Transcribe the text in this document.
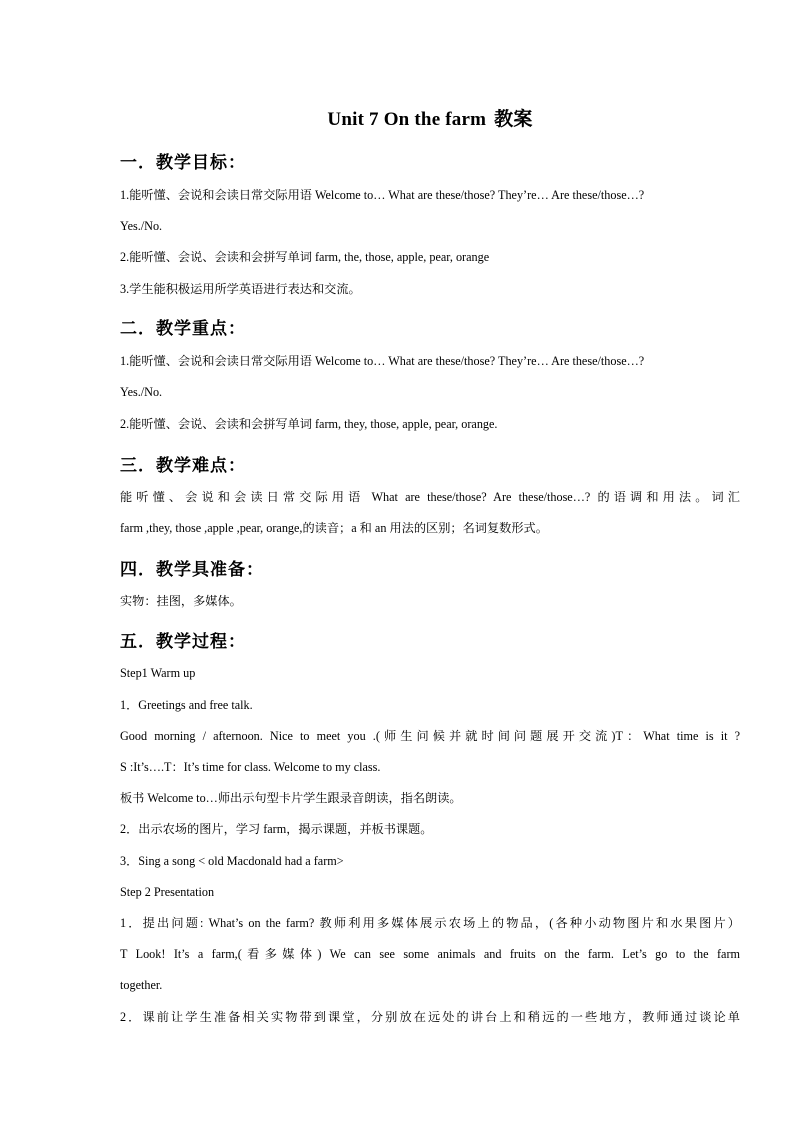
Unit 7 On the farm 教案
一．教学目标：
1.能听懂、会说和会读日常交际用语 Welcome to… What are these/those? They’re… Are these/those…?
Yes./No.
2.能听懂、会说、会读和会拼写单词 farm, the, those, apple, pear, orange
3.学生能积极运用所学英语进行表达和交流。
二．教学重点：
1.能听懂、会说和会读日常交际用语 Welcome to… What are these/those? They’re… Are these/those…?
Yes./No.
2.能听懂、会说、会读和会拼写单词 farm, they, those, apple, pear, orange.
三．教学难点：
能听懂、会说和会读日常交际用语 What are these/those? Are these/those…? 的语调和用法。词汇
farm ,they, those ,apple ,pear, orange,的读音；a 和 an 用法的区别；名词复数形式。
四．教学具准备：
实物：挂图，多媒体。
五．教学过程：
Step1 Warm up
1．Greetings and free talk.
Good morning / afternoon. Nice to meet you .(师生问候并就时间问题展开交流)T：What time is it ?
S :It’s….T：It’s time for class. Welcome to my class.
板书 Welcome to…师出示句型卡片学生跟录音朗读，指名朗读。
2．出示农场的图片，学习 farm，揭示课题，并板书课题。
3．Sing a song < old Macdonald had a farm>
Step 2 Presentation
1．提出问题: What’s on the farm? 教师利用多媒体展示农场上的物品，(各种小动物图片和水果图片）
T Look! It’s a farm,(看多媒体) We can see some animals and fruits on the farm. Let’s go to the farm
together.
2．课前让学生准备相关实物带到课堂，分别放在远处的讲台上和稍远的一些地方，教师通过谈论单
